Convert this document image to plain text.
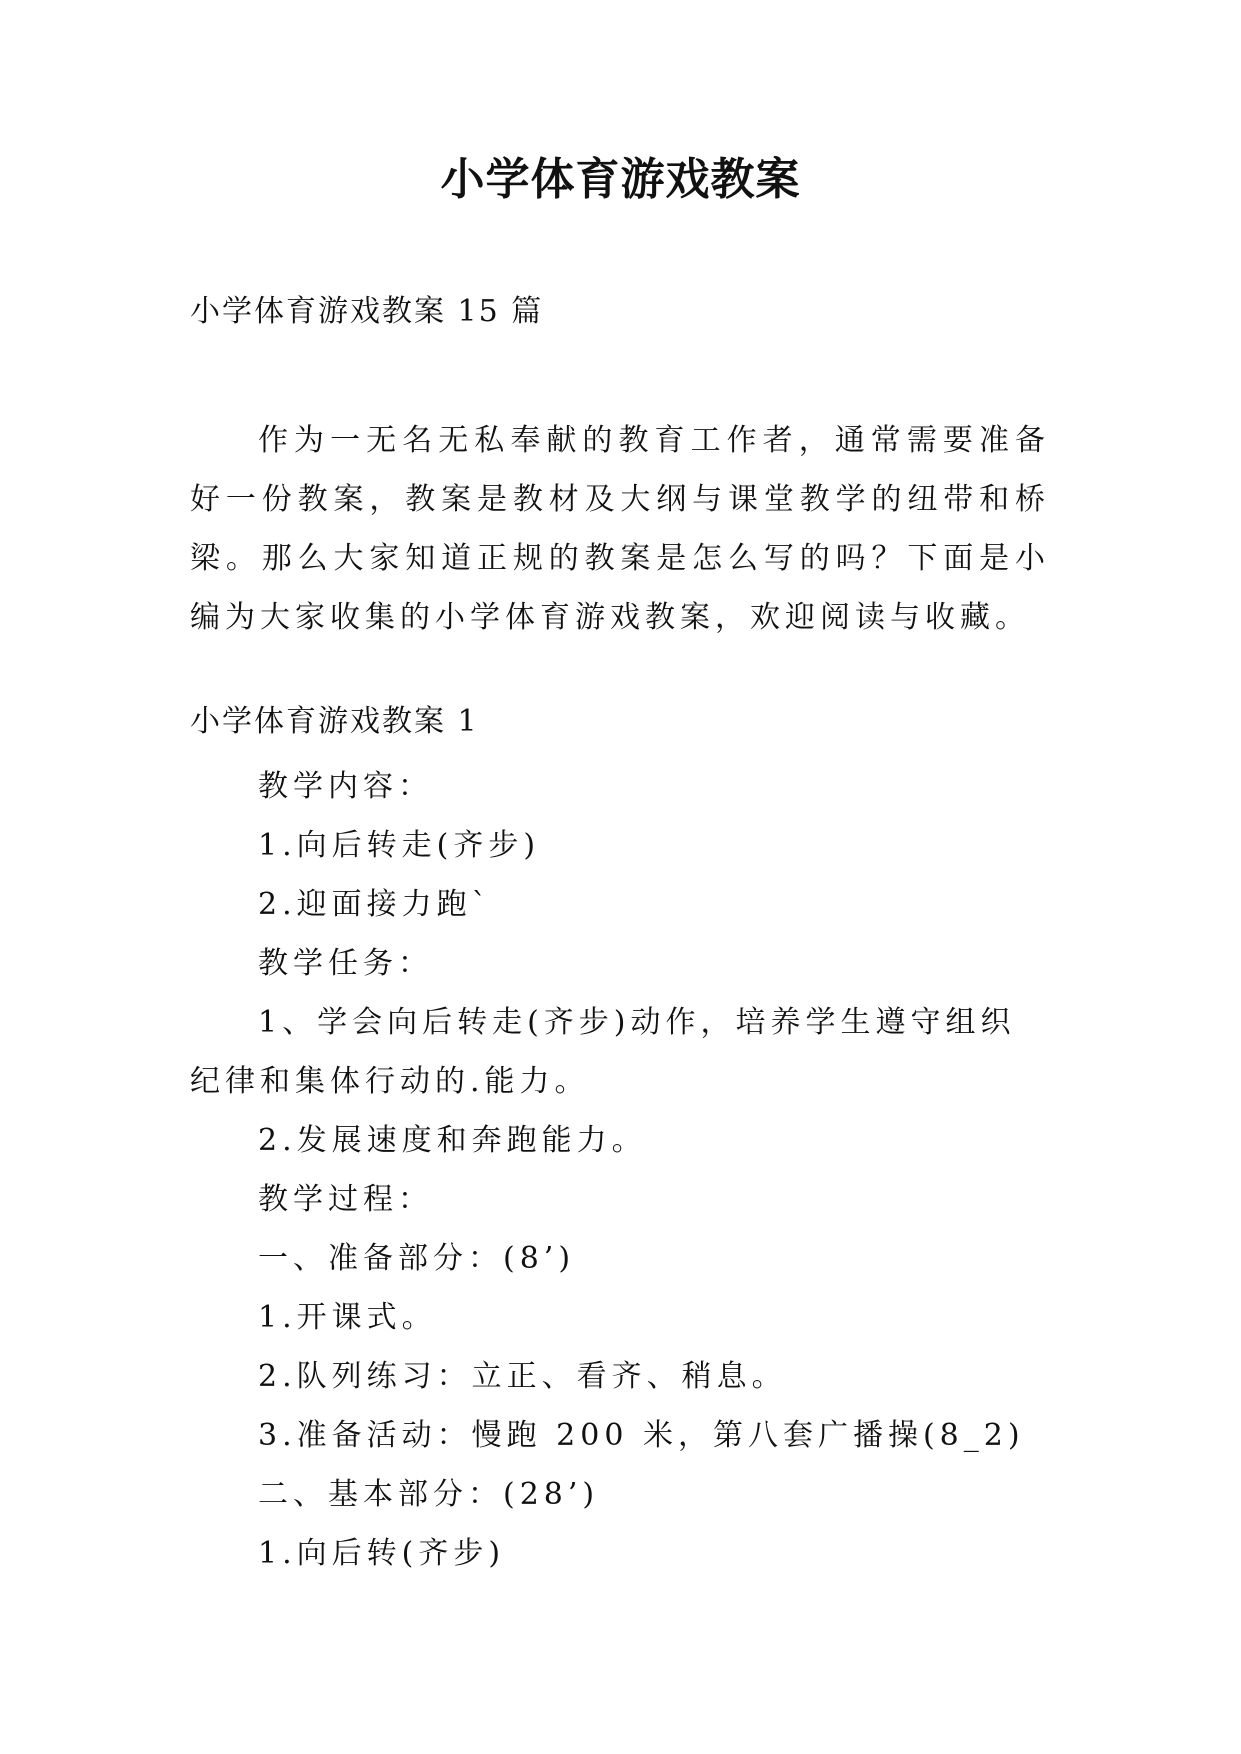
小学体育游戏教案
小学体育游戏教案 15 篇

作为一无名无私奉献的教育工作者，通常需要准备好一份教案，教案是教材及大纲与课堂教学的纽带和桥梁。那么大家知道正规的教案是怎么写的吗？下面是小编为大家收集的小学体育游戏教案，欢迎阅读与收藏。

小学体育游戏教案 1

教学内容：

1.向后转走(齐步)

2.迎面接力跑`

教学任务：

1、学会向后转走(齐步)动作，培养学生遵守组织纪律和集体行动的.能力。

2.发展速度和奔跑能力。

教学过程：

一、准备部分：(8’)

1.开课式。

2.队列练习：立正、看齐、稍息。

3.准备活动：慢跑 200 米，第八套广播操(8_2)

二、基本部分：(28’)

1.向后转(齐步)
